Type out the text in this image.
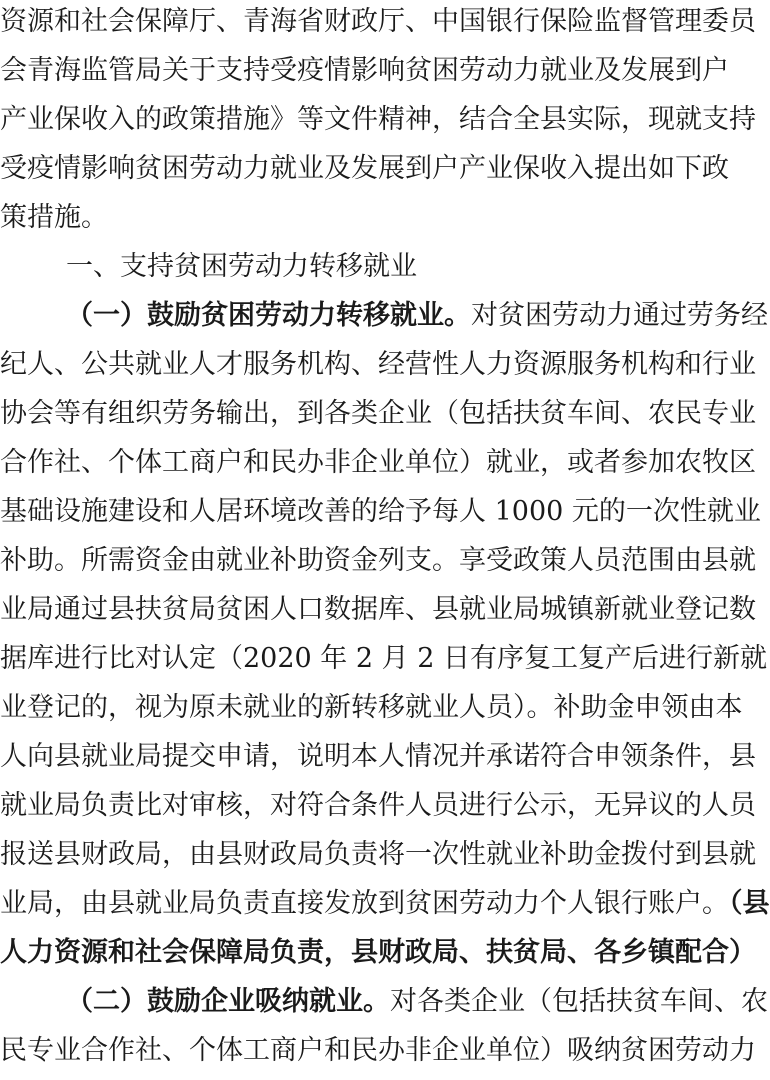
资源和社会保障厅、青海省财政厅、中国银行保险监督管理委员
会青海监管局关于支持受疫情影响贫困劳动力就业及发展到户
产业保收入的政策措施》等文件精神，结合全县实际，现就支持
受疫情影响贫困劳动力就业及发展到户产业保收入提出如下政
策措施。
一、支持贫困劳动力转移就业
（一）鼓励贫困劳动力转移就业。对贫困劳动力通过劳务经
纪人、公共就业人才服务机构、经营性人力资源服务机构和行业
协会等有组织劳务输出，到各类企业（包括扶贫车间、农民专业
合作社、个体工商户和民办非企业单位）就业，或者参加农牧区
基础设施建设和人居环境改善的给予每人 1000 元的一次性就业
补助。所需资金由就业补助资金列支。享受政策人员范围由县就
业局通过县扶贫局贫困人口数据库、县就业局城镇新就业登记数
据库进行比对认定（2020 年 2 月 2 日有序复工复产后进行新就
业登记的，视为原未就业的新转移就业人员）。补助金申领由本
人向县就业局提交申请，说明本人情况并承诺符合申领条件，县
就业局负责比对审核，对符合条件人员进行公示，无异议的人员
报送县财政局，由县财政局负责将一次性就业补助金拨付到县就
业局，由县就业局负责直接发放到贫困劳动力个人银行账户。（县
人力资源和社会保障局负责，县财政局、扶贫局、各乡镇配合）
（二）鼓励企业吸纳就业。对各类企业（包括扶贫车间、农
民专业合作社、个体工商户和民办非企业单位）吸纳贫困劳动力
